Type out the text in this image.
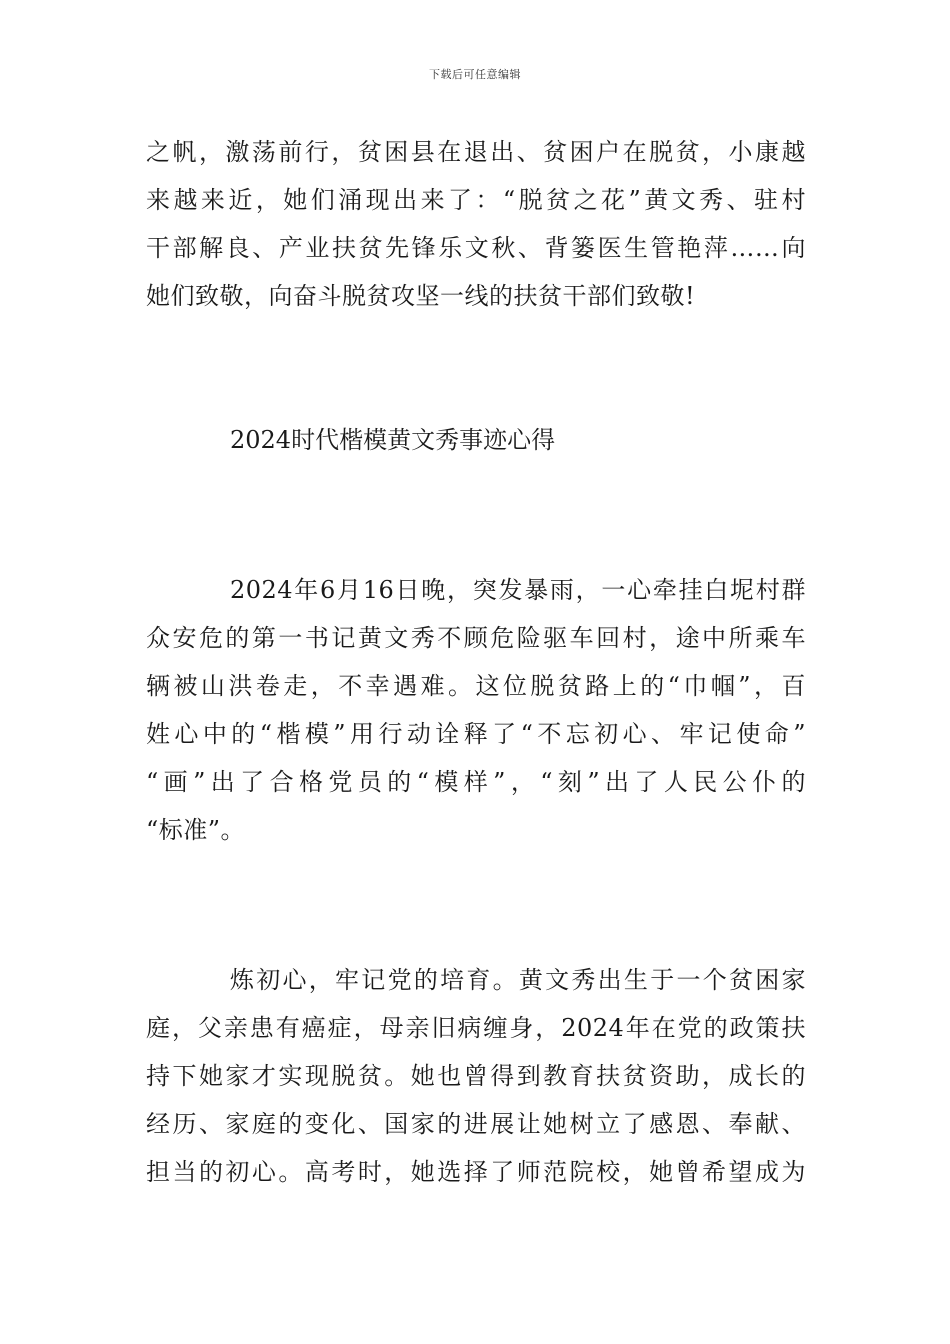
下载后可任意编辑
之帆，激荡前行，贫困县在退出、贫困户在脱贫，小康越
来越来近，她们涌现出来了：“脱贫之花”黄文秀、驻村
干部解良、产业扶贫先锋乐文秋、背篓医生管艳萍……向
她们致敬，向奋斗脱贫攻坚一线的扶贫干部们致敬!
2024时代楷模黄文秀事迹心得
2024年6月16日晚，突发暴雨，一心牵挂白坭村群
众安危的第一书记黄文秀不顾危险驱车回村，途中所乘车
辆被山洪卷走，不幸遇难。这位脱贫路上的“巾帼”，百
姓心中的“楷模”用行动诠释了“不忘初心、牢记使命”
“画”出了合格党员的“模样”，“刻”出了人民公仆的
“标准”。
炼初心，牢记党的培育。黄文秀出生于一个贫困家
庭，父亲患有癌症，母亲旧病缠身，2024年在党的政策扶
持下她家才实现脱贫。她也曾得到教育扶贫资助，成长的
经历、家庭的变化、国家的进展让她树立了感恩、奉献、
担当的初心。高考时，她选择了师范院校，她曾希望成为
